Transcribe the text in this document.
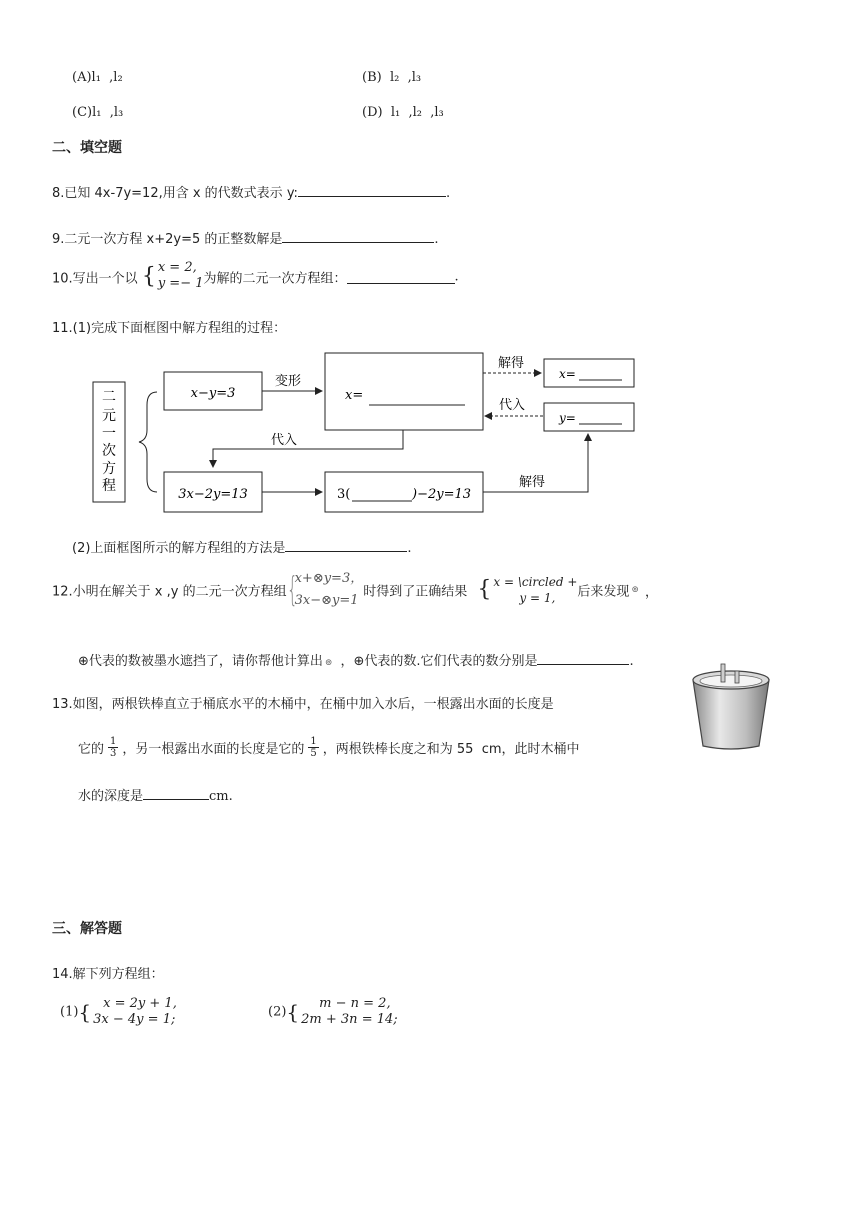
(A)l₁  ,l₂	(B)  l₂  ,l₃
(C)l₁  ,l₃	(D)  l₁  ,l₂  ,l₃
二、填空题
8.已知 4x-7y=12,用含 x 的代数式表示 y:	.
9.二元一次方程 x+2y=5 的正整数解是	.
10.写出一个以 { x = 2,
y =− 1 为解的二元一次方程组：	.
11.(1)完成下面框图中解方程组的过程：
二
元
一
次
方
程
x−y=3
变形
x=
解得
x=
代入
y=
代入
3x−2y=13	3(	)−2y=13
解得
(2)上面框图所示的解方程组的方法是	.
12.小明在解关于 x ,y 的二元一次方程组 {
x+⊗y=3，
3x−⊗y=1
时得到了正确结果 { x = \circled +
y = 1,	后来发现 ⊚ ，
⊕代表的数被墨水遮挡了，请你帮他计算出 ⊚ ，⊕代表的数.它们代表的数分别是	.
13.如图，两根铁棒直立于桶底水平的木桶中，在桶中加入水后，一根露出水面的长度是
它的 $\frac{1}{3}$ ，另一根露出水面的长度是它的 $\frac{1}{5}$ ，两根铁棒长度之和为 55  cm，此时木桶中
水的深度是	cm.
三、解答题
14.解下列方程组：
(1){ x = 2y + 1,
3x − 4y = 1;	(2){	m − n = 2,
2m + 3n = 14;
